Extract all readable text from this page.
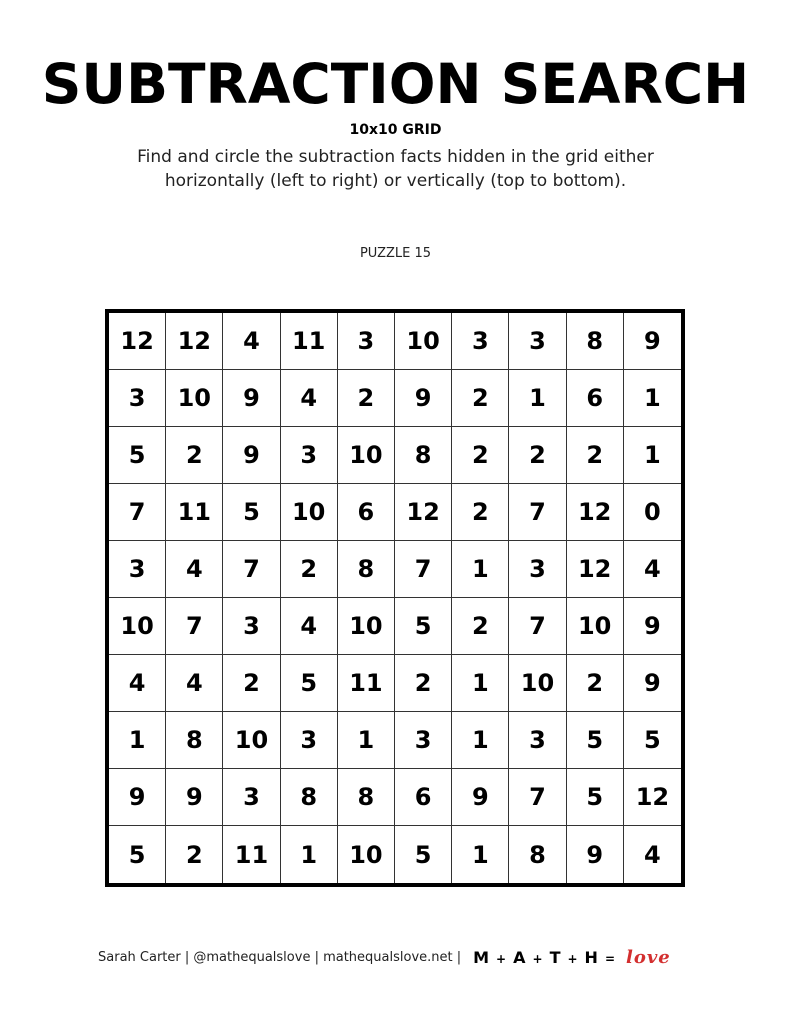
SUBTRACTION SEARCH
10x10 GRID
Find and circle the subtraction facts hidden in the grid either horizontally (left to right) or vertically (top to bottom).
PUZZLE 15
12 12	4	11	3	10	3	3	8	9
3	10	9	4	2	9	2	1	6	1
5	2	9	3	10	8	2	2	2	1
7	11	5	10	6	12	2	7	12	0
3	4	7	2	8	7	1	3	12	4
10	7	3	4	10	5	2	7	10	9
4	4	2	5	11	2	1	10	2	9
1	8	10	3	1	3	1	3	5	5
9	9	3	8	8	6	9	7	5	12
5	2	11	1	10	5	1	8	9	4
Sarah Carter | @mathequalslove | mathequalslove.net | M + A + T + H = love
